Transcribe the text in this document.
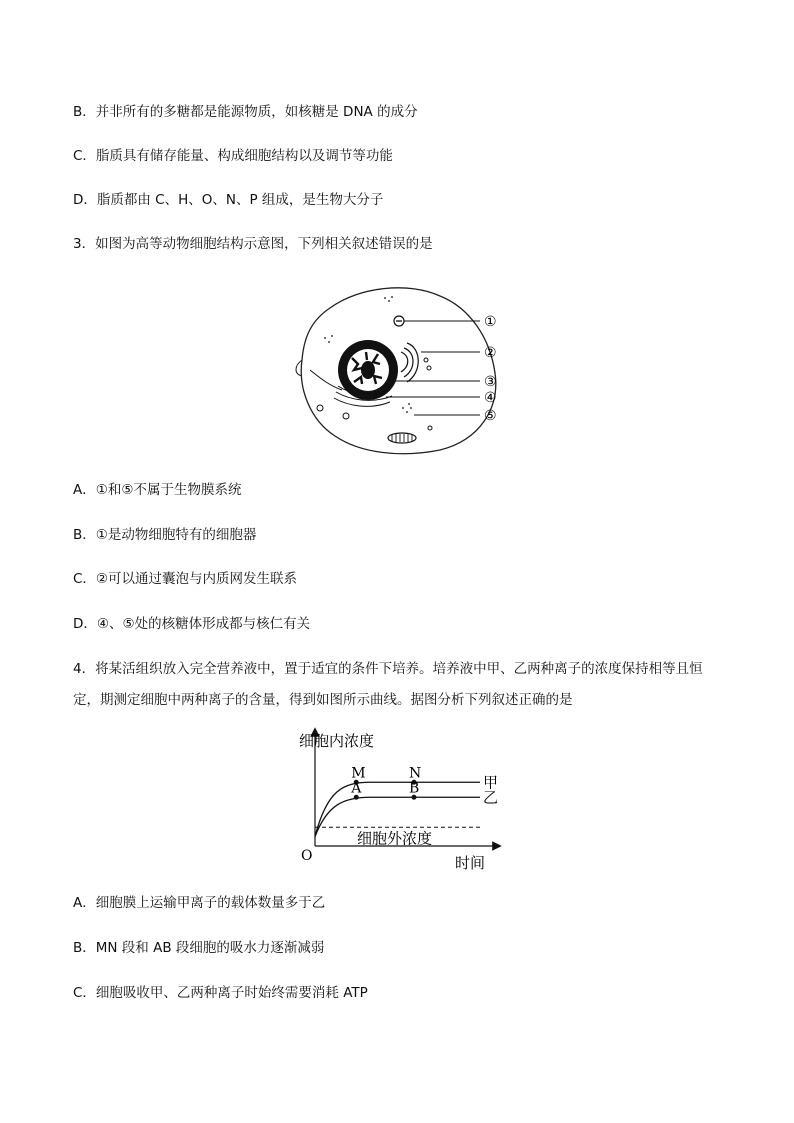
B．并非所有的多糖都是能源物质，如核糖是 DNA 的成分
C．脂质具有储存能量、构成细胞结构以及调节等功能
D．脂质都由 C、H、O、N、P 组成，是生物大分子
3．如图为高等动物细胞结构示意图，下列相关叙述错误的是
①
②
③
④
⑤
A．①和⑤不属于生物膜系统
B．①是动物细胞特有的细胞器
C．②可以通过囊泡与内质网发生联系
D．④、⑤处的核糖体形成都与核仁有关
4．将某活组织放入完全营养液中，置于适宜的条件下培养。培养液中甲、乙两种离子的浓度保持相等且恒
定，期测定细胞中两种离子的含量，得到如图所示曲线。据图分析下列叙述正确的是
细胞内浓度
时间
O
细胞外浓度
甲
M	N
乙
A	B
A．细胞膜上运输甲离子的载体数量多于乙
B．MN 段和 AB 段细胞的吸水力逐渐减弱
C．细胞吸收甲、乙两种离子时始终需要消耗 ATP
